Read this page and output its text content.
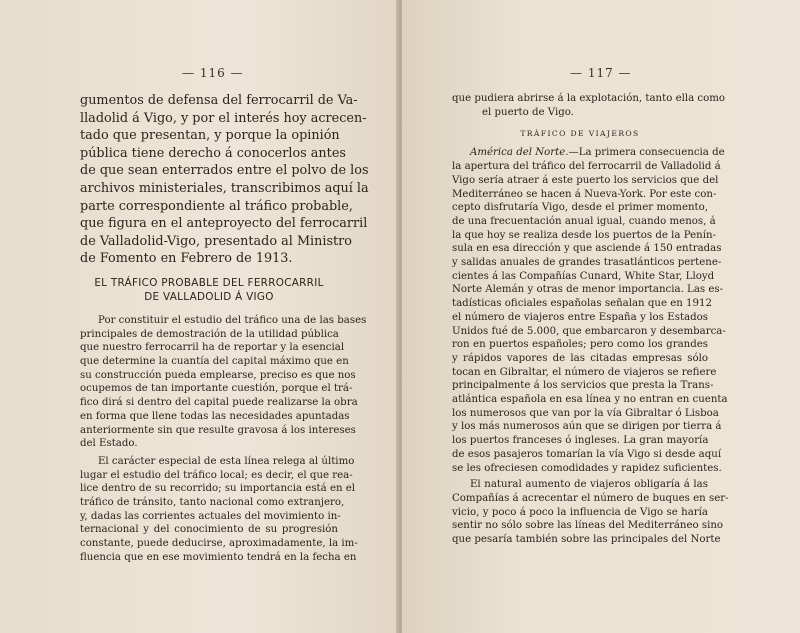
— 116 —
gumentos de defensa del ferrocarril de Va-
lladolid á Vigo, y por el interés hoy acrecen-
tado que presentan, y porque la opinión
pública tiene derecho á conocerlos antes
de que sean enterrados entre el polvo de los
archivos ministeriales, transcribimos aquí la
parte correspondiente al tráfico probable,
que figura en el anteproyecto del ferrocarril
de Valladolid-Vigo, presentado al Ministro
de Fomento en Febrero de 1913.
EL TRÁFICO PROBABLE DEL FERROCARRIL
DE VALLADOLID Á VIGO
Por constituir el estudio del tráfico una de las bases
principales de demostración de la utilidad pública
que nuestro ferrocarril ha de reportar y la esencial
que determine la cuantía del capital máximo que en
su construcción pueda emplearse, preciso es que nos
ocupemos de tan importante cuestión, porque el trá-
fico dirá si dentro del capital puede realizarse la obra
en forma que llene todas las necesidades apuntadas
anteriormente sin que resulte gravosa á los intereses
del Estado.
El carácter especial de esta línea relega al último
lugar el estudio del tráfico local; es decir, el que rea-
lice dentro de su recorrido; su importancia está en el
tráfico de tránsito, tanto nacional como extranjero,
y, dadas las corrientes actuales del movimiento in-
ternacional y del conocimiento de su progresión
constante, puede deducirse, aproximadamente, la im-
fluencia que en ese movimiento tendrá en la fecha en
— 117 —
que pudiera abrirse á la explotación, tanto ella como
el puerto de Vigo.
TRÁFICO DE VIAJEROS
América del Norte.—La primera consecuencia de
la apertura del tráfico del ferrocarril de Valladolid á
Vigo sería atraer á este puerto los servicios que del
Mediterráneo se hacen á Nueva-York. Por este con-
cepto disfrutaría Vigo, desde el primer momento,
de una frecuentación anual igual, cuando menos, á
la que hoy se realiza desde los puertos de la Penín-
sula en esa dirección y que asciende á 150 entradas
y salidas anuales de grandes trasatlánticos pertene-
cientes á las Compañías Cunard, White Star, Lloyd
Norte Alemán y otras de menor importancia. Las es-
tadísticas oficiales españolas señalan que en 1912
el número de viajeros entre España y los Estados
Unidos fué de 5.000, que embarcaron y desembarca-
ron en puertos españoles; pero como los grandes
y rápidos vapores de las citadas empresas sólo
tocan en Gibraltar, el número de viajeros se refiere
principalmente á los servicios que presta la Trans-
atlántica española en esa línea y no entran en cuenta
los numerosos que van por la vía Gibraltar ó Lisboa
y los más numerosos aún que se dirigen por tierra á
los puertos franceses ó ingleses. La gran mayoría
de esos pasajeros tomarían la vía Vigo si desde aquí
se les ofreciesen comodidades y rapidez suficientes.
El natural aumento de viajeros obligaría á las
Compañías á acrecentar el número de buques en ser-
vicio, y poco á poco la influencia de Vigo se haría
sentir no sólo sobre las líneas del Mediterráneo sino
que pesaría también sobre las principales del Norte
